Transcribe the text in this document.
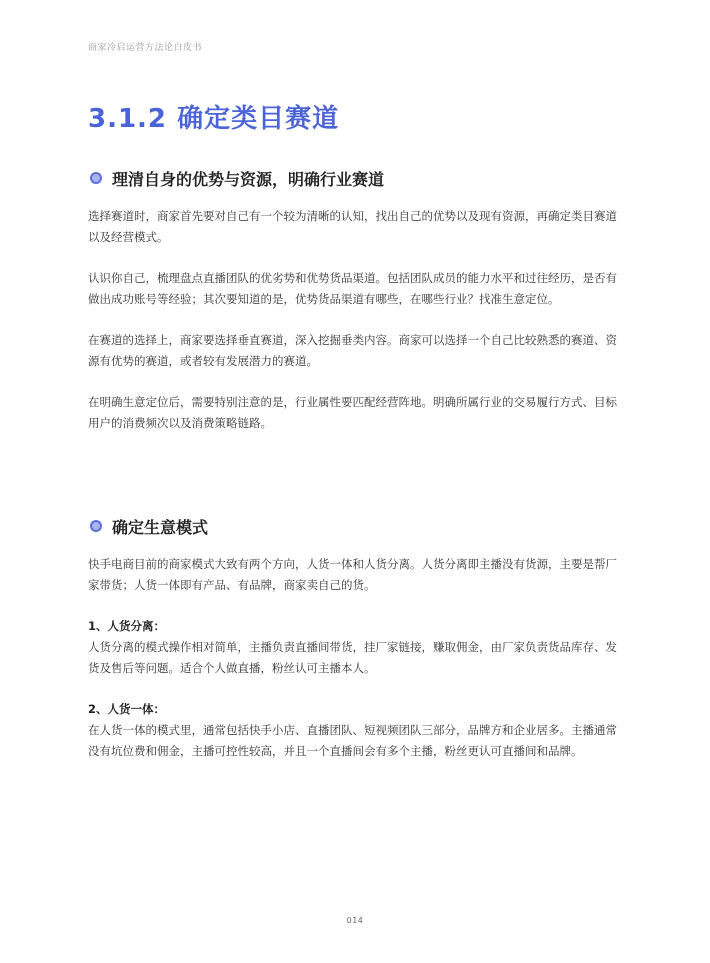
商家冷启运营方法论白皮书
3.1.2 确定类目赛道
理清自身的优势与资源，明确行业赛道

选择赛道时，商家首先要对自己有一个较为清晰的认知，找出自己的优势以及现有资源，再确定类目赛道以及经营模式。

认识你自己，梳理盘点直播团队的优劣势和优势货品渠道。包括团队成员的能力水平和过往经历，是否有做出成功账号等经验；其次要知道的是，优势货品渠道有哪些，在哪些行业？找准生意定位。

在赛道的选择上，商家要选择垂直赛道，深入挖掘垂类内容。商家可以选择一个自己比较熟悉的赛道、资源有优势的赛道，或者较有发展潜力的赛道。

在明确生意定位后，需要特别注意的是，行业属性要匹配经营阵地。明确所属行业的交易履行方式、目标用户的消费频次以及消费策略链路。

确定生意模式

快手电商目前的商家模式大致有两个方向，人货一体和人货分离。人货分离即主播没有货源，主要是帮厂家带货；人货一体即有产品、有品牌，商家卖自己的货。

1、人货分离：

人货分离的模式操作相对简单，主播负责直播间带货，挂厂家链接，赚取佣金，由厂家负责货品库存、发货及售后等问题。适合个人做直播，粉丝认可主播本人。

2、人货一体：

在人货一体的模式里，通常包括快手小店、直播团队、短视频团队三部分，品牌方和企业居多。主播通常没有坑位费和佣金，主播可控性较高，并且一个直播间会有多个主播，粉丝更认可直播间和品牌。

014
